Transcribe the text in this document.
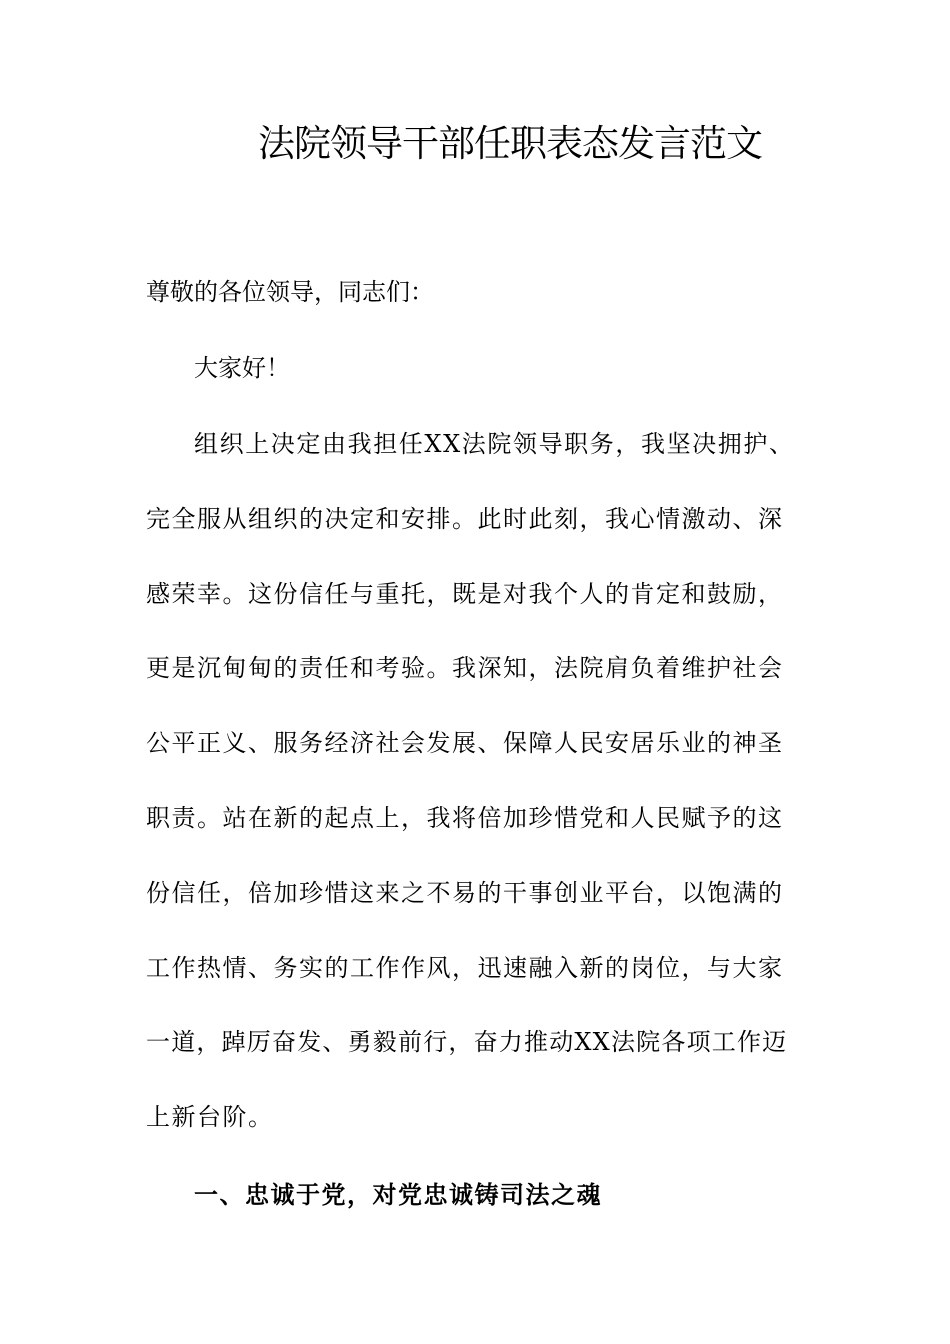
法院领导干部任职表态发言范文
尊敬的各位领导，同志们：
大家好！
组织上决定由我担任XX法院领导职务，我坚决拥护、
完全服从组织的决定和安排。此时此刻，我心情激动、深
感荣幸。这份信任与重托，既是对我个人的肯定和鼓励，
更是沉甸甸的责任和考验。我深知，法院肩负着维护社会
公平正义、服务经济社会发展、保障人民安居乐业的神圣
职责。站在新的起点上，我将倍加珍惜党和人民赋予的这
份信任，倍加珍惜这来之不易的干事创业平台，以饱满的
工作热情、务实的工作作风，迅速融入新的岗位，与大家
一道，踔厉奋发、勇毅前行，奋力推动XX法院各项工作迈
上新台阶。
一、忠诚于党，对党忠诚铸司法之魂
